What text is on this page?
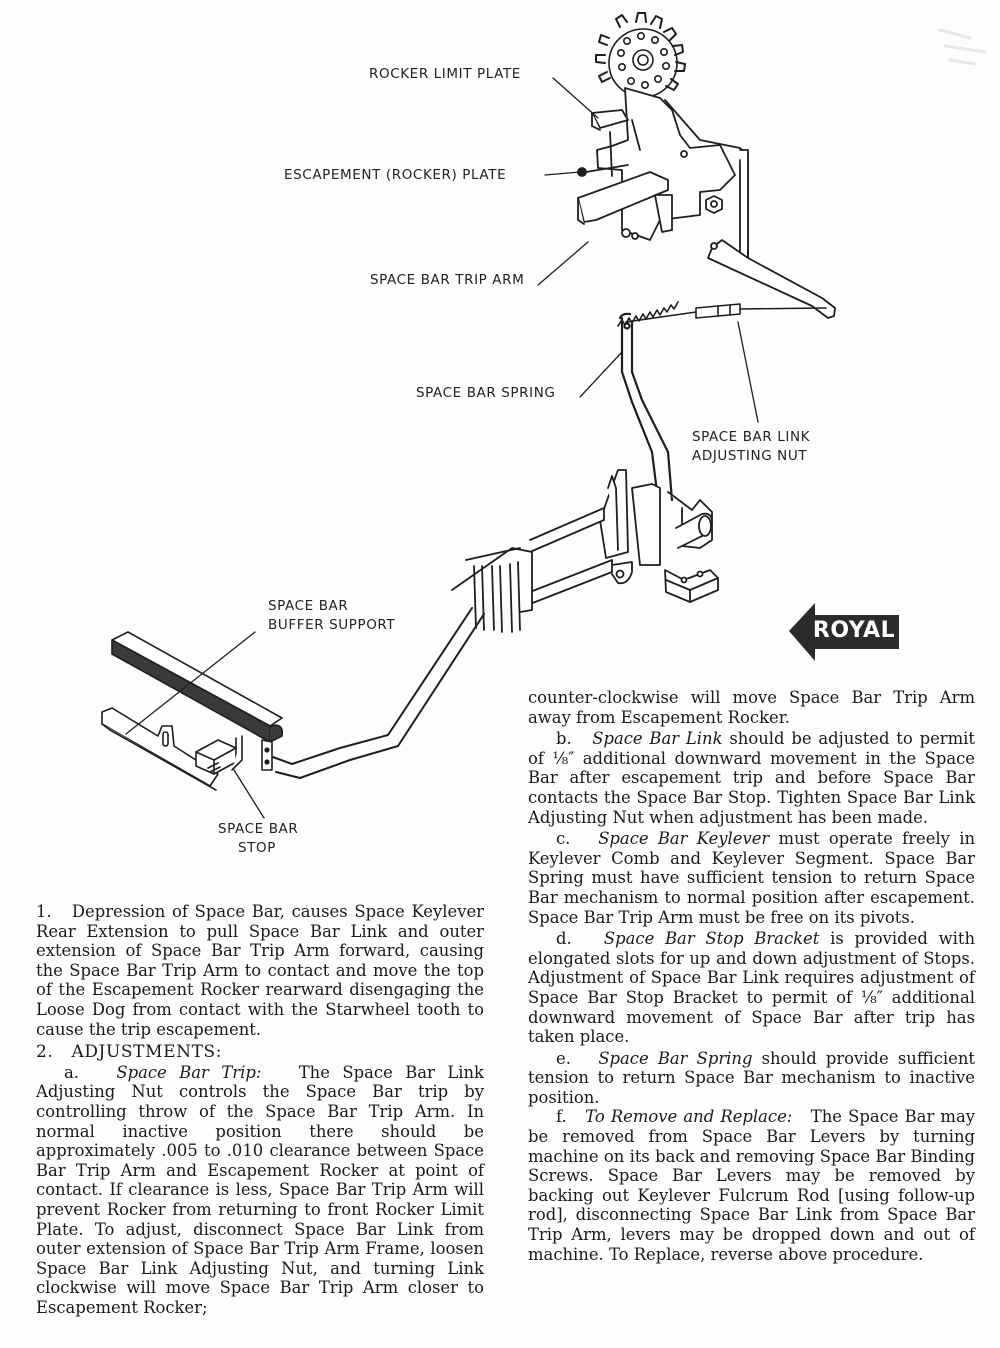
ROCKER LIMIT PLATE
ESCAPEMENT (ROCKER) PLATE
SPACE BAR TRIP ARM
SPACE BAR SPRING
SPACE BAR LINK
ADJUSTING NUT
SPACE BAR
BUFFER SUPPORT
SPACE BAR
STOP
ROYAL

1. Depression of Space Bar, causes Space Keylever Rear Extension to pull Space Bar Link and outer extension of Space Bar Trip Arm forward, causing the Space Bar Trip Arm to contact and move the top of the Escapement Rocker rearward disengaging the Loose Dog from contact with the Starwheel tooth to cause the trip escapement.

2. ADJUSTMENTS:

a. Space Bar Trip: The Space Bar Link Adjusting Nut controls the Space Bar trip by controlling throw of the Space Bar Trip Arm. In normal inactive position there should be approximately .005 to .010 clearance between Space Bar Trip Arm and Escapement Rocker at point of contact. If clearance is less, Space Bar Trip Arm will prevent Rocker from returning to front Rocker Limit Plate. To adjust, disconnect Space Bar Link from outer extension of Space Bar Trip Arm Frame, loosen Space Bar Link Adjusting Nut, and turning Link clockwise will move Space Bar Trip Arm closer to Escapement Rocker;

counter-clockwise will move Space Bar Trip Arm away from Escapement Rocker.

b. Space Bar Link should be adjusted to permit of ⅛″ additional downward movement in the Space Bar after escapement trip and before Space Bar contacts the Space Bar Stop. Tighten Space Bar Link Adjusting Nut when adjustment has been made.

c. Space Bar Keylever must operate freely in Keylever Comb and Keylever Segment. Space Bar Spring must have sufficient tension to return Space Bar mechanism to normal position after escapement. Space Bar Trip Arm must be free on its pivots.

d. Space Bar Stop Bracket is provided with elongated slots for up and down adjustment of Stops. Adjustment of Space Bar Link requires adjustment of Space Bar Stop Bracket to permit of ⅛″ additional downward movement of Space Bar after trip has taken place.

e. Space Bar Spring should provide sufficient tension to return Space Bar mechanism to inactive position.

f. To Remove and Replace: The Space Bar may be removed from Space Bar Levers by turning machine on its back and removing Space Bar Binding Screws. Space Bar Levers may be removed by backing out Keylever Fulcrum Rod [using follow-up rod], disconnecting Space Bar Link from Space Bar Trip Arm, levers may be dropped down and out of machine. To Replace, reverse above procedure.
